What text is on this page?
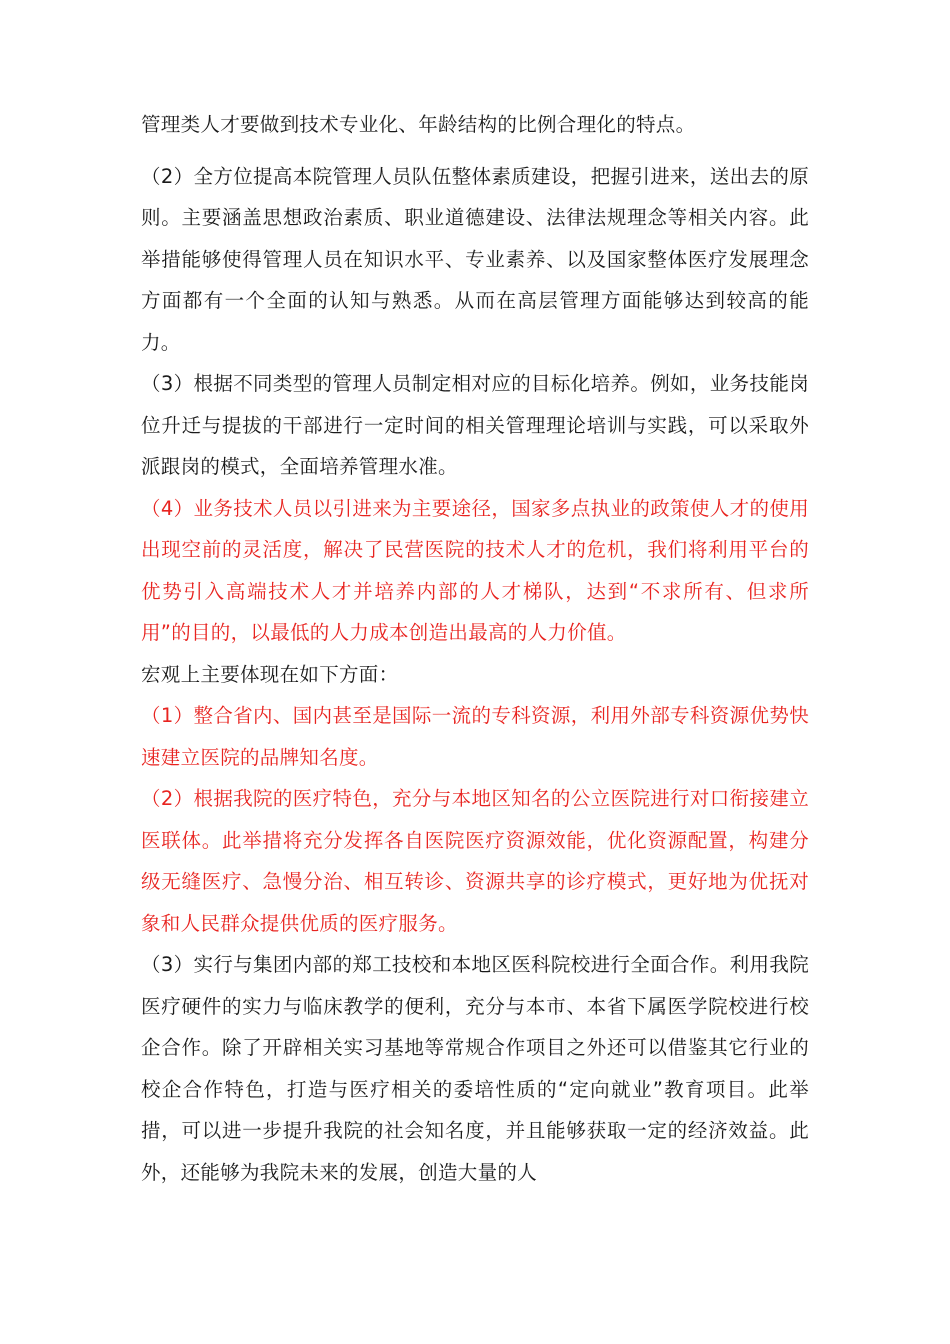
管理类人才要做到技术专业化、年龄结构的比例合理化的特点。

（2）全方位提高本院管理人员队伍整体素质建设，把握引进来，送出去的原则。主要涵盖思想政治素质、职业道德建设、法律法规理念等相关内容。此举措能够使得管理人员在知识水平、专业素养、以及国家整体医疗发展理念方面都有一个全面的认知与熟悉。从而在高层管理方面能够达到较高的能力。

（3）根据不同类型的管理人员制定相对应的目标化培养。例如，业务技能岗位升迁与提拔的干部进行一定时间的相关管理理论培训与实践，可以采取外派跟岗的模式，全面培养管理水准。

（4）业务技术人员以引进来为主要途径，国家多点执业的政策使人才的使用出现空前的灵活度，解决了民营医院的技术人才的危机，我们将利用平台的优势引入高端技术人才并培养内部的人才梯队，达到“不求所有、但求所用”的目的，以最低的人力成本创造出最高的人力价值。

宏观上主要体现在如下方面：

（1）整合省内、国内甚至是国际一流的专科资源，利用外部专科资源优势快速建立医院的品牌知名度。

（2）根据我院的医疗特色，充分与本地区知名的公立医院进行对口衔接建立医联体。此举措将充分发挥各自医院医疗资源效能，优化资源配置，构建分级无缝医疗、急慢分治、相互转诊、资源共享的诊疗模式，更好地为优抚对象和人民群众提供优质的医疗服务。

（3）实行与集团内部的郑工技校和本地区医科院校进行全面合作。利用我院医疗硬件的实力与临床教学的便利，充分与本市、本省下属医学院校进行校企合作。除了开辟相关实习基地等常规合作项目之外还可以借鉴其它行业的校企合作特色，打造与医疗相关的委培性质的“定向就业”教育项目。此举措，可以进一步提升我院的社会知名度，并且能够获取一定的经济效益。此外，还能够为我院未来的发展，创造大量的人
